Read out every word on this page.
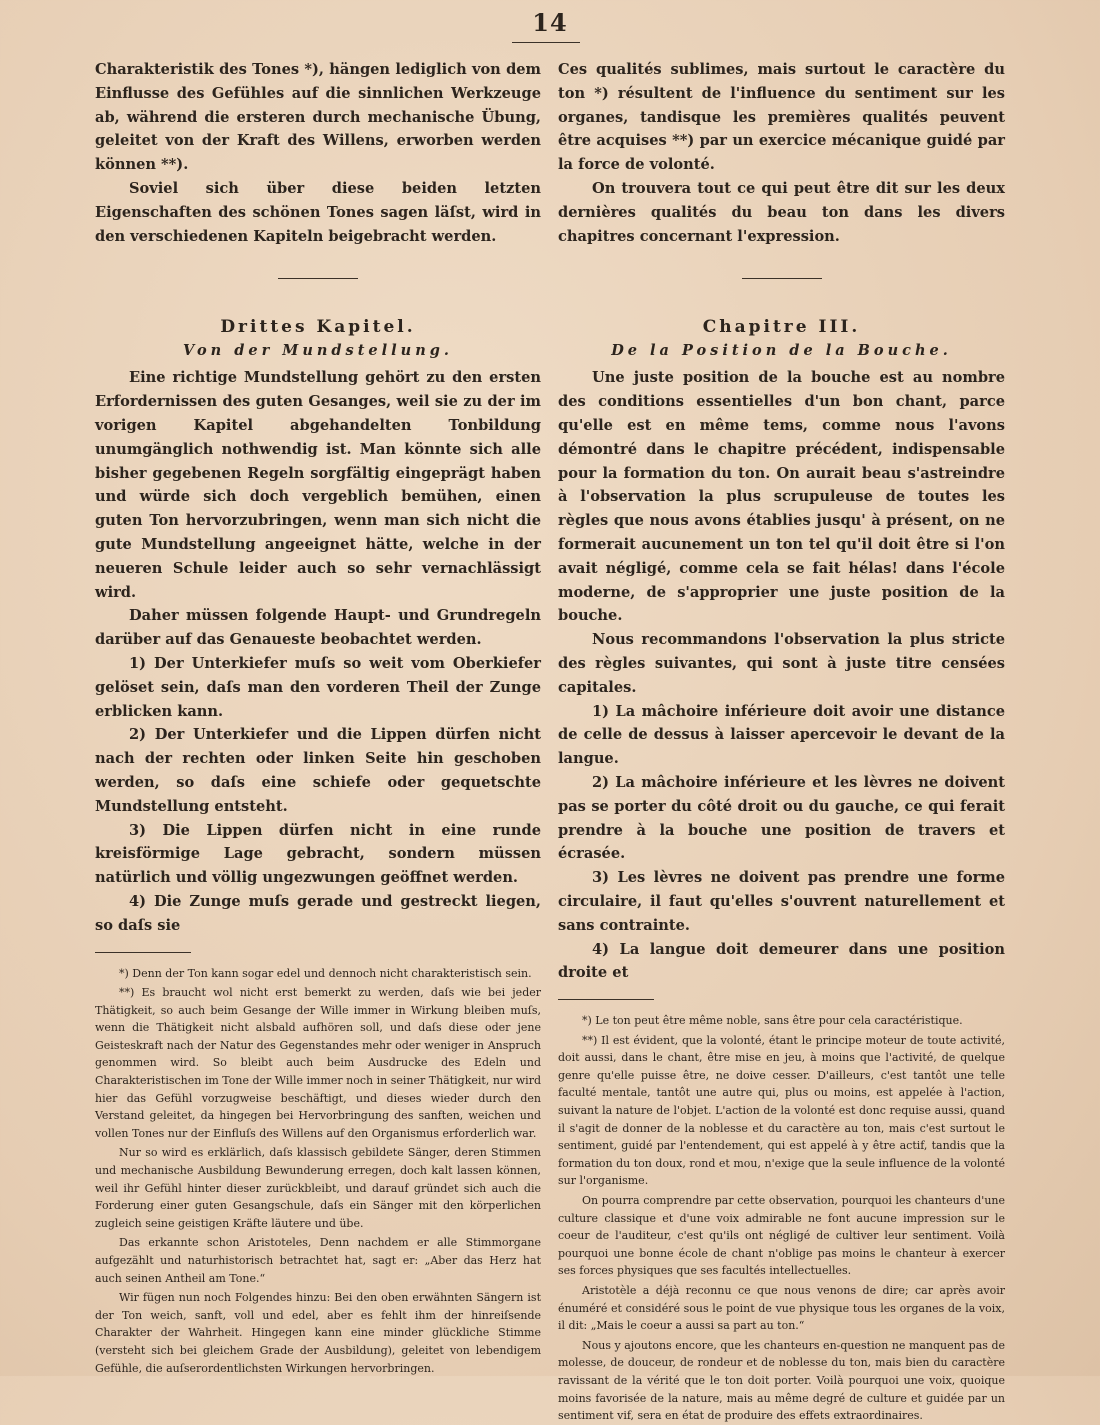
14

Charakteristik des Tones *), hängen lediglich von dem Einflusse des Gefühles auf die sinnlichen Werkzeuge ab, während die ersteren durch mechanische Übung, geleitet von der Kraft des Willens, erworben werden können **).

Soviel sich über diese beiden letzten Eigenschaften des schönen Tones sagen läſst, wird in den verschiedenen Kapiteln beigebracht werden.

Drittes Kapitel.
Von der Mundstellung.

Eine richtige Mundstellung gehört zu den ersten Erfordernissen des guten Gesanges, weil sie zu der im vorigen Kapitel abgehandelten Tonbildung unumgänglich nothwendig ist. Man könnte sich alle bisher gegebenen Regeln sorgfältig eingeprägt haben und würde sich doch vergeblich bemühen, einen guten Ton hervorzubringen, wenn man sich nicht die gute Mundstellung angeeignet hätte, welche in der neueren Schule leider auch so sehr vernachlässigt wird.

Daher müssen folgende Haupt- und Grundregeln darüber auf das Genaueste beobachtet werden.

1) Der Unterkiefer muſs so weit vom Oberkiefer gelöset sein, daſs man den vorderen Theil der Zunge erblicken kann.

2) Der Unterkiefer und die Lippen dürfen nicht nach der rechten oder linken Seite hin geschoben werden, so daſs eine schiefe oder gequetschte Mundstellung entsteht.

3) Die Lippen dürfen nicht in eine runde kreisförmige Lage gebracht, sondern müssen natürlich und völlig ungezwungen geöffnet werden.

4) Die Zunge muſs gerade und gestreckt liegen, so daſs sie

*) Denn der Ton kann sogar edel und dennoch nicht charakteristisch sein.

**) Es braucht wol nicht erst bemerkt zu werden, daſs wie bei jeder Thätigkeit, so auch beim Gesange der Wille immer in Wirkung bleiben muſs, wenn die Thätigkeit nicht alsbald aufhören soll, und daſs diese oder jene Geisteskraft nach der Natur des Gegenstandes mehr oder weniger in Anspruch genommen wird. So bleibt auch beim Ausdrucke des Edeln und Charakteristischen im Tone der Wille immer noch in seiner Thätigkeit, nur wird hier das Gefühl vorzugweise beschäftigt, und dieses wieder durch den Verstand geleitet, da hingegen bei Hervorbringung des sanften, weichen und vollen Tones nur der Einfluſs des Willens auf den Organismus erforderlich war.

Nur so wird es erklärlich, daſs klassisch gebildete Sänger, deren Stimmen und mechanische Ausbildung Bewunderung erregen, doch kalt lassen können, weil ihr Gefühl hinter dieser zurückbleibt, und darauf gründet sich auch die Forderung einer guten Gesangschule, daſs ein Sänger mit den körperlichen zugleich seine geistigen Kräfte läutere und übe.

Das erkannte schon Aristoteles, Denn nachdem er alle Stimmorgane aufgezählt und naturhistorisch betrachtet hat, sagt er: „Aber das Herz hat auch seinen Antheil am Tone.“

Wir fügen nun noch Folgendes hinzu: Bei den oben erwähnten Sängern ist der Ton weich, sanft, voll und edel, aber es fehlt ihm der hinreiſsende Charakter der Wahrheit. Hingegen kann eine minder glückliche Stimme (versteht sich bei gleichem Grade der Ausbildung), geleitet von lebendigem Gefühle, die auſserordentlichsten Wirkungen hervorbringen.

Ces qualités sublimes, mais surtout le caractère du ton *) résultent de l'influence du sentiment sur les organes, tandisque les premières qualités peuvent être acquises **) par un exercice mécanique guidé par la force de volonté.

On trouvera tout ce qui peut être dit sur les deux dernières qualités du beau ton dans les divers chapitres concernant l'expression.

Chapitre III.
De la Position de la Bouche.

Une juste position de la bouche est au nombre des conditions essentielles d'un bon chant, parce qu'elle est en même tems, comme nous l'avons démontré dans le chapitre précédent, indispensable pour la formation du ton. On aurait beau s'astreindre à l'observation la plus scrupuleuse de toutes les règles que nous avons établies jusqu' à présent, on ne formerait aucunement un ton tel qu'il doit être si l'on avait négligé, comme cela se fait hélas! dans l'école moderne, de s'approprier une juste position de la bouche.

Nous recommandons l'observation la plus stricte des règles suivantes, qui sont à juste titre censées capitales.

1) La mâchoire inférieure doit avoir une distance de celle de dessus à laisser apercevoir le devant de la langue.

2) La mâchoire inférieure et les lèvres ne doivent pas se porter du côté droit ou du gauche, ce qui ferait prendre à la bouche une position de travers et écrasée.

3) Les lèvres ne doivent pas prendre une forme circulaire, il faut qu'elles s'ouvrent naturellement et sans contrainte.

4) La langue doit demeurer dans une position droite et

*) Le ton peut être même noble, sans être pour cela caractéristique.

**) Il est évident, que la volonté, étant le principe moteur de toute activité, doit aussi, dans le chant, être mise en jeu, à moins que l'activité, de quelque genre qu'elle puisse être, ne doive cesser. D'ailleurs, c'est tantôt une telle faculté mentale, tantôt une autre qui, plus ou moins, est appelée à l'action, suivant la nature de l'objet. L'action de la volonté est donc requise aussi, quand il s'agit de donner de la noblesse et du caractère au ton, mais c'est surtout le sentiment, guidé par l'entendement, qui est appelé à y être actif, tandis que la formation du ton doux, rond et mou, n'exige que la seule influence de la volonté sur l'organisme.

On pourra comprendre par cette observation, pourquoi les chanteurs d'une culture classique et d'une voix admirable ne font aucune impression sur le coeur de l'auditeur, c'est qu'ils ont négligé de cultiver leur sentiment. Voilà pourquoi une bonne école de chant n'oblige pas moins le chanteur à exercer ses forces physiques que ses facultés intellectuelles.

Aristotèle a déjà reconnu ce que nous venons de dire; car après avoir énuméré et considéré sous le point de vue physique tous les organes de la voix, il dit: „Mais le coeur a aussi sa part au ton.“

Nous y ajoutons encore, que les chanteurs en-question ne manquent pas de molesse, de douceur, de rondeur et de noblesse du ton, mais bien du caractère ravissant de la vérité que le ton doit porter. Voilà pourquoi une voix, quoique moins favorisée de la nature, mais au même degré de culture et guidée par un sentiment vif, sera en état de produire des effets extraordinaires.
